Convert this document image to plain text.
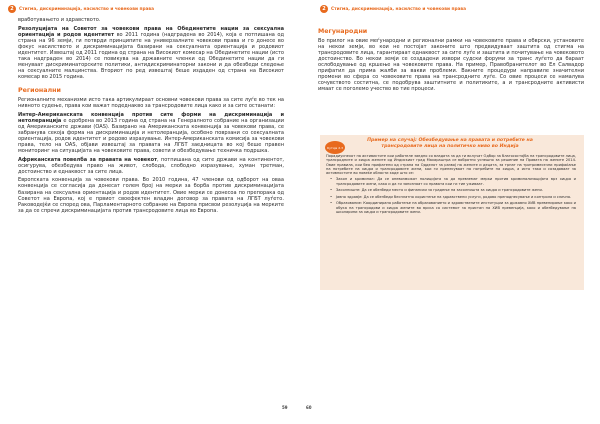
2	Стигма, дискриминација, насилство и човекови права

вработувањето и здравството.

Резолуцијата на Советот за човекови права на Обединетите нации за сексуална ориентација и родов идентитет во 2011 година (надградена во 2014), која е потпишана од страна на 96 земји, ги потврди принципите на универзалните човекови права и го донесе во фокус насилството и дискриминацијата базирани на сексуалната ориентација и родовиот идентитет. Извештај од 2011 година од страна на Високиот комесар на Обединетите нации (исто така надграден во 2014) се повикува на државните членки од Обединетите нации да ги менуваат дискриминаторските политики, антидискриминаторни закони и да обезбеди следење на сексуалните малцинства. Вториот по ред извештај беше издаден од страна на Високиот комесар во 2015 година.

Регионални

Регионалните механизми исто така артикулираат основни човекови права за сите луѓе во тек на нивното судење, права кои важат подеднакво за трансродовите лица како и за сите останати:

Интер-Американската конвенција против сите форми на дискриминација и нетолеранција е одобрена во 2013 година од страна на Генералното собрание на организации од Американските држави (OAS). Базирано на Американската конвенција за човекови права, се забранува секоја форма на дискриминација и нетолеранција, особено поврзани со сексуалната ориентација, родов идентитет и родово изразување. Интер-Американската комисија за човекови права, тело на OAS, објави извештај за правата на ЛГБТ заедницата во кој беше правен мониторинг на ситуацијата на човековите права, совети и обезбедување техничка подршка.

Африканската повелба за правата на човекот, потпишана од сите држави на континентот, осигурува, обезбедува право на живот, слобода, слободно изразување, хуман третман, достоинство и еднаквост за сите лица.

Европската конвенција за човекови права. Во 2010 година, 47 членови од одборот на оваа конвенција се согласија да донесат голем број на мерки за борба против дискриминацијата базирана на сексуална ориентација и родов идентитет. Овие мерки се донесоа по препорака од Советот на Европа, кој е првиот своефектен владин договор за правата на ЛГБТ луѓето. Раководејќи се според ова, Парламентарното собрание на Европа присвои резолуција на мерките за да се спречи дискриминацијата против трансродовите лица во Европа.

59
2	Стигма, дискриминација, насилство и човекови права
Мегународни

Во прилог на овие меѓународни и регионални рамки на човековите права и обврски, установите на некои земји, во кои не постојат законите што предвидуваат заштита од стигма на трансродовите лица, гарантираат еднаквост за сите луѓе и заштита и почитување на човековото достоинство. Во некои земји се создадени извори судски форуми за транс луѓето да бараат ослободување од кршење на човековите права. На пример, Правобранителот во Ел Салвадор прифатил да прима жалби за вакви проблеми. Вакните процедури направиле значителни промени во сфера со човековите права на трансродните луѓе. Со овие процеси се намалува сочувството соститна, се подобрува заштитните и политиките, а и трансродните активисти имаат се поголемо учество во тие процеси.

Кутија 2.3
Пример на случај: Обезбедување на правата и потребите на трансродовите лица на политичко ниво во Индија

Порадиуспехот на активистите кои работеле заедно со владата за да ги вклучат Одбор за благосостојба на трансродовите лица, трансродните и хиџра жените од Индискиот град Махараштра се вобратно успешно за решение на Правата на жените 2014. Овие правила, кои беа прифатени од страна на Одделот за развој на жените и децата, за трпат на тритримесечни прифаќање на потребите на хиџра и трансродовите жени, кои ги пренесуваат на потребите на хиџра, а исто така и созадоваат за активностите во повеќе области каде што се:

• Закон и криминал: Да се оневозможат полицијата за да превземат мерки против криминализацијата врз хиџра и трансродовите жени, како и да ги запознаат со правата кои ги тие уживаат.
• Засолниште: Да се обезбеди место и финансии за градење на засолништа за хиџра и трансродовите жени.
• Јавно здравје: Да се обезбеди бесплатно користење на здравствени услуги, родово преподнесување и контрола и слично.
• Образование: Координирано работење на образованието и здравствените институции за државно ХИВ превенирање како и обука на трансродови и хиџра жените во врска со системот за пристап на ХИВ превенција, како и обезбедување на школарини за хиџра и трансродовите жени.
60
